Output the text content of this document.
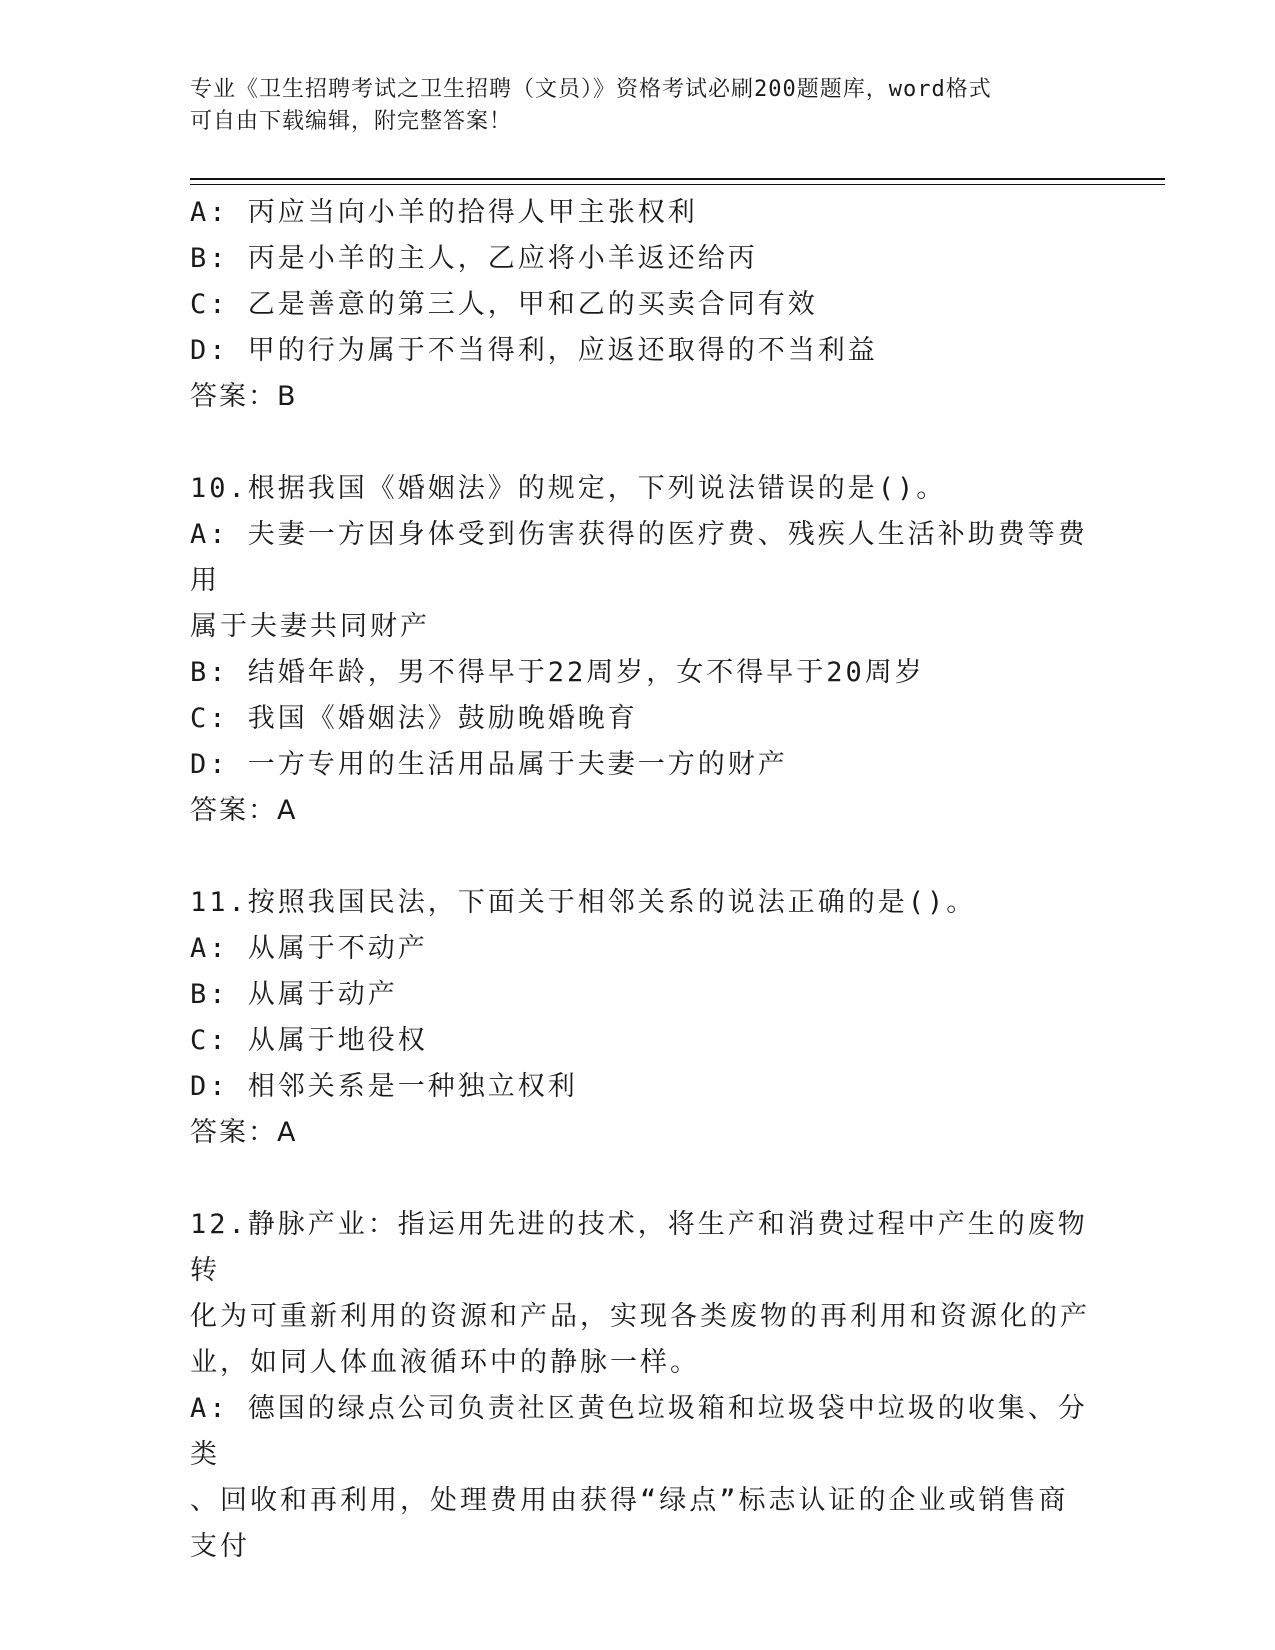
专业《卫生招聘考试之卫生招聘（文员）》资格考试必刷200题题库，word格式
可自由下载编辑，附完整答案！
A: 丙应当向小羊的拾得人甲主张权利
B: 丙是小羊的主人，乙应将小羊返还给丙
C: 乙是善意的第三人，甲和乙的买卖合同有效
D: 甲的行为属于不当得利，应返还取得的不当利益
答案：B
10.根据我国《婚姻法》的规定，下列说法错误的是()。
A: 夫妻一方因身体受到伤害获得的医疗费、残疾人生活补助费等费用
属于夫妻共同财产
B: 结婚年龄，男不得早于22周岁，女不得早于20周岁
C: 我国《婚姻法》鼓励晚婚晚育
D: 一方专用的生活用品属于夫妻一方的财产
答案：A
11.按照我国民法，下面关于相邻关系的说法正确的是()。
A: 从属于不动产
B: 从属于动产
C: 从属于地役权
D: 相邻关系是一种独立权利
答案：A
12.静脉产业：指运用先进的技术，将生产和消费过程中产生的废物转
化为可重新利用的资源和产品，实现各类废物的再利用和资源化的产
业，如同人体血液循环中的静脉一样。
A: 德国的绿点公司负责社区黄色垃圾箱和垃圾袋中垃圾的收集、分类
、回收和再利用，处理费用由获得“绿点”标志认证的企业或销售商
支付
